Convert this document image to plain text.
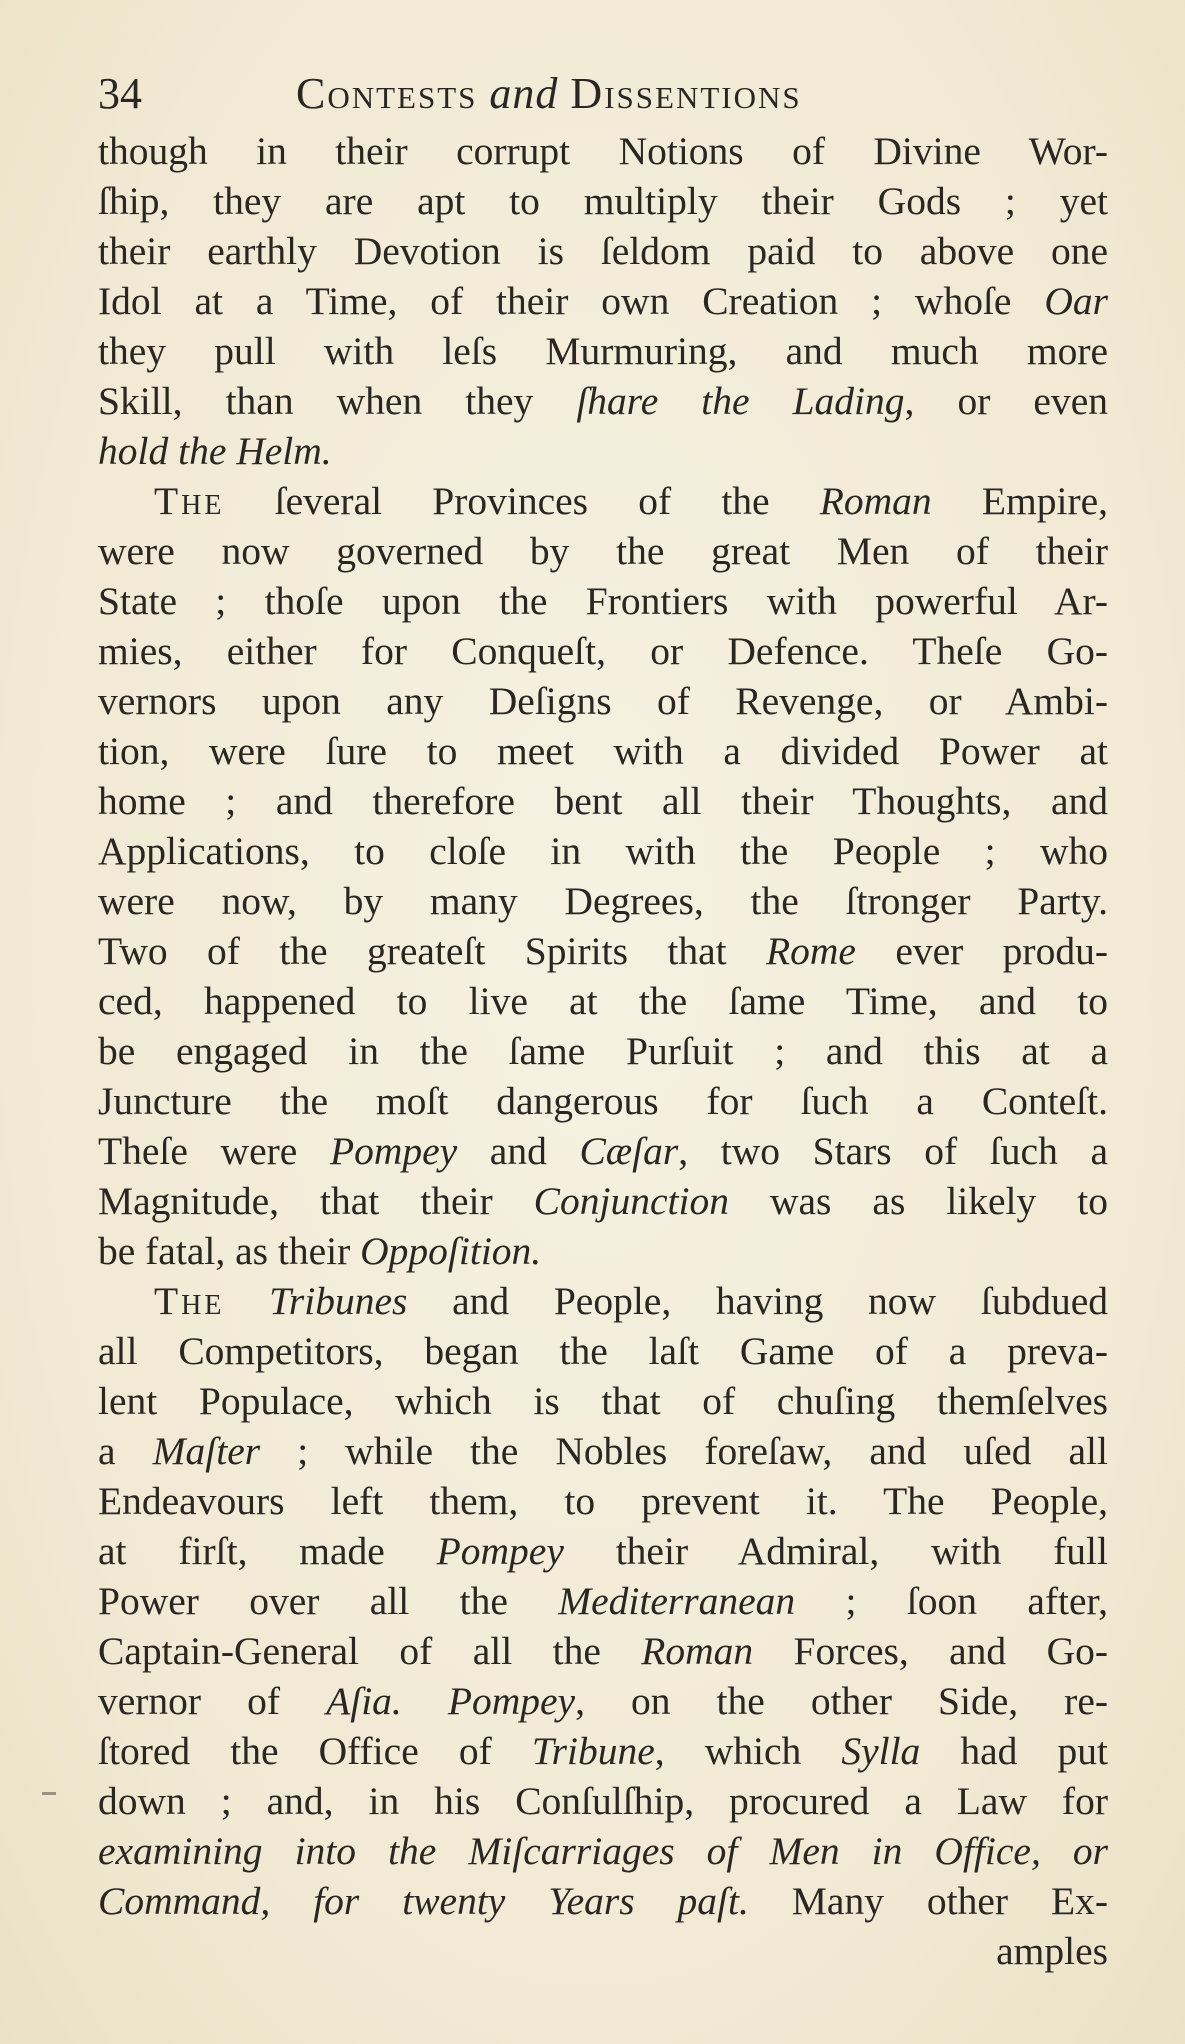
34	Contests and Dissentions
though in their corrupt Notions of Divine Wor-
ſhip, they are apt to multiply their Gods ; yet
their earthly Devotion is ſeldom paid to above one
Idol at a Time, of their own Creation ; whoſe Oar
they pull with leſs Murmuring, and much more
Skill, than when they ſhare the Lading, or even
hold the Helm.
The ſeveral Provinces of the Roman Empire,
were now governed by the great Men of their
State ; thoſe upon the Frontiers with powerful Ar-
mies, either for Conqueſt, or Defence. Theſe Go-
vernors upon any Deſigns of Revenge, or Ambi-
tion, were ſure to meet with a divided Power at
home ; and therefore bent all their Thoughts, and
Applications, to cloſe in with the People ; who
were now, by many Degrees, the ſtronger Party.
Two of the greateſt Spirits that Rome ever produ-
ced, happened to live at the ſame Time, and to
be engaged in the ſame Purſuit ; and this at a
Juncture the moſt dangerous for ſuch a Conteſt.
Theſe were Pompey and Cæſar, two Stars of ſuch a
Magnitude, that their Conjunction was as likely to
be fatal, as their Oppoſition.
The Tribunes and People, having now ſubdued
all Competitors, began the laſt Game of a preva-
lent Populace, which is that of chuſing themſelves
a Maſter ; while the Nobles foreſaw, and uſed all
Endeavours left them, to prevent it. The People,
at firſt, made Pompey their Admiral, with full
Power over all the Mediterranean ; ſoon after,
Captain-General of all the Roman Forces, and Go-
vernor of Aſia. Pompey, on the other Side, re-
ſtored the Office of Tribune, which Sylla had put
down ; and, in his Conſulſhip, procured a Law for
examining into the Miſcarriages of Men in Office, or
Command, for twenty Years paſt. Many other Ex-
amples
